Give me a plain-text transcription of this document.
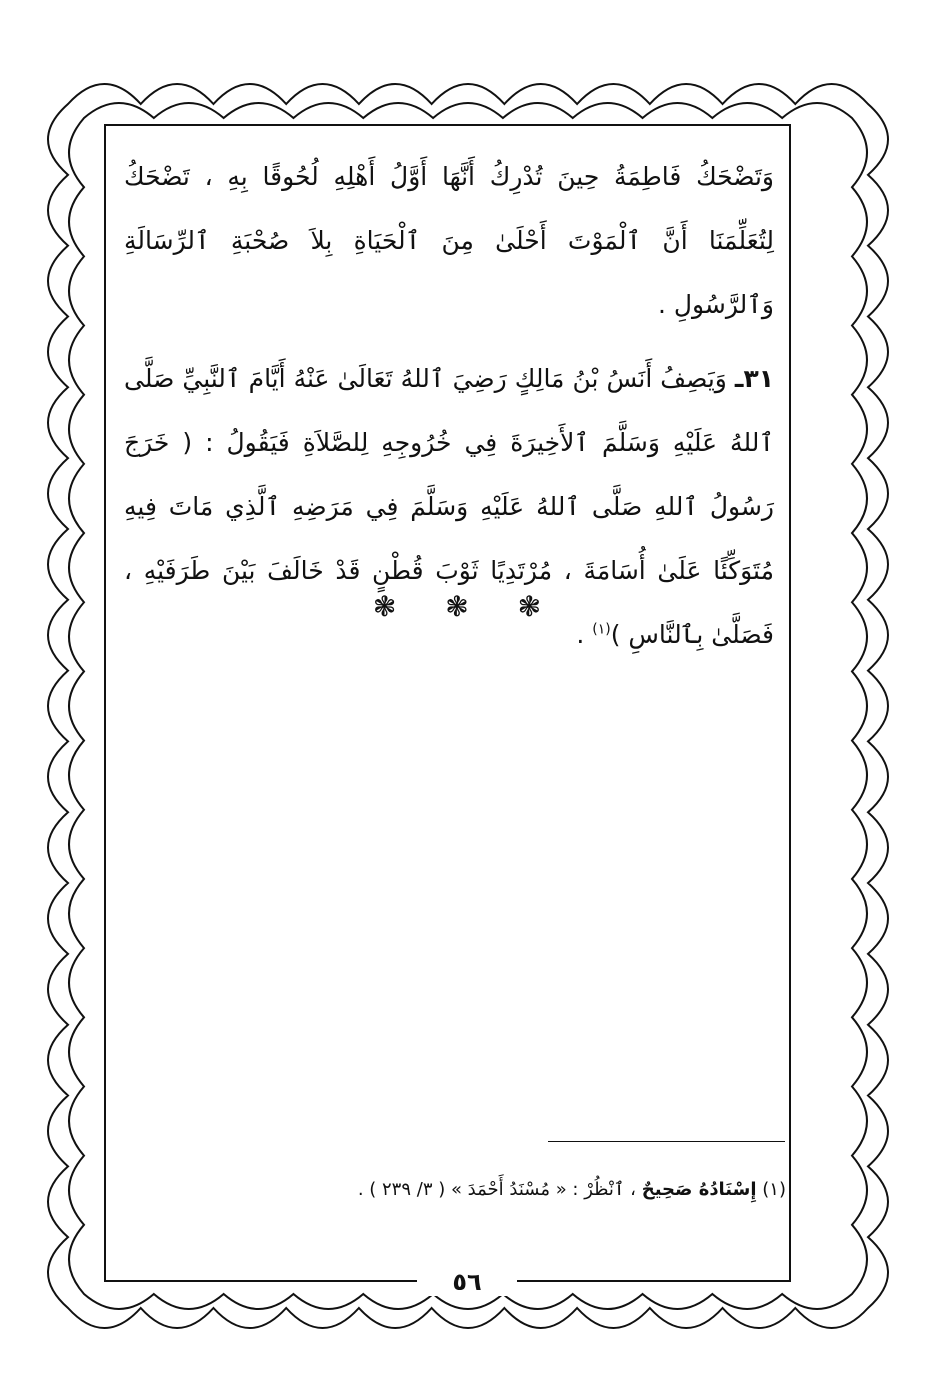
وَتَضْحَكُ فَاطِمَةُ حِينَ تُدْرِكُ أَنَّهَا أَوَّلُ أَهْلِهِ لُحُوقًا بِهِ ، تَضْحَكُ لِتُعَلِّمَنَا أَنَّ ٱلْمَوْتَ أَحْلَىٰ مِنَ ٱلْحَيَاةِ بِلاَ صُحْبَةِ ٱلرِّسَالَةِ وَٱلرَّسُولِ .

٣١ـ وَيَصِفُ أَنَسُ بْنُ مَالِكٍ رَضِيَ ٱللهُ تَعَالَىٰ عَنْهُ أَيَّامَ ٱلنَّبِيِّ صَلَّى ٱللهُ عَلَيْهِ وَسَلَّمَ ٱلأَخِيرَةَ فِي خُرُوجِهِ لِلصَّلاَةِ فَيَقُولُ : ( خَرَجَ رَسُولُ ٱللهِ صَلَّى ٱللهُ عَلَيْهِ وَسَلَّمَ فِي مَرَضِهِ ٱلَّذِي مَاتَ فِيهِ مُتَوَكِّئًا عَلَىٰ أُسَامَةَ ، مُرْتَدِيًا ثَوْبَ قُطْنٍ قَدْ خَالَفَ بَيْنَ طَرَفَيْهِ ، فَصَلَّىٰ بِٱلنَّاسِ )$^{(١)}$ .

❃ ❃ ❃
(١) إِسْنَادُهُ صَحِيحٌ ، ٱنْظُرْ : « مُسْنَدُ أَحْمَدَ » ( ٣/ ٢٣٩ ) .
٥٦
